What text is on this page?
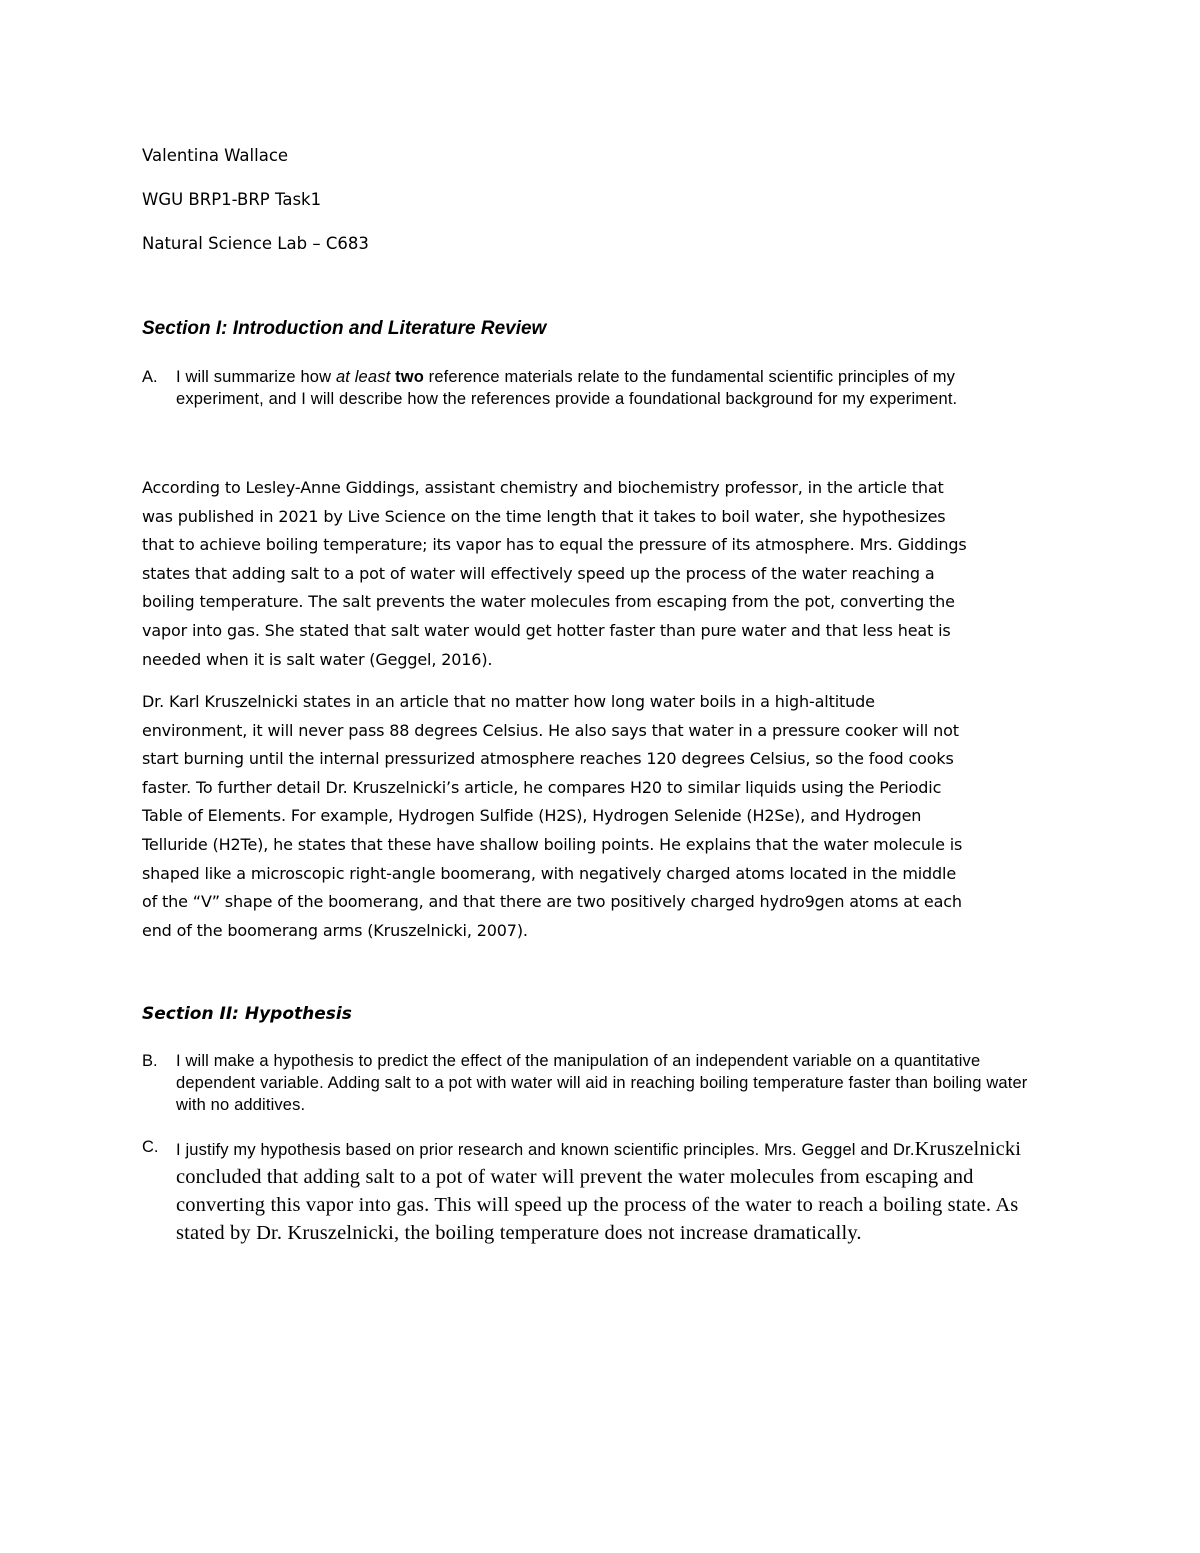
Valentina Wallace

WGU BRP1-BRP Task1

Natural Science Lab – C683

Section I: Introduction and Literature Review
A.	I will summarize how at least two reference materials relate to the fundamental scientific principles of my experiment, and I will describe how the references provide a foundational background for my experiment.
According to Lesley-Anne Giddings, assistant chemistry and biochemistry professor, in the article that
was published in 2021 by Live Science on the time length that it takes to boil water, she hypothesizes
that to achieve boiling temperature; its vapor has to equal the pressure of its atmosphere. Mrs. Giddings
states that adding salt to a pot of water will effectively speed up the process of the water reaching a
boiling temperature. The salt prevents the water molecules from escaping from the pot, converting the
vapor into gas. She stated that salt water would get hotter faster than pure water and that less heat is
needed when it is salt water (Geggel, 2016).
Dr. Karl Kruszelnicki states in an article that no matter how long water boils in a high-altitude
environment, it will never pass 88 degrees Celsius. He also says that water in a pressure cooker will not
start burning until the internal pressurized atmosphere reaches 120 degrees Celsius, so the food cooks
faster. To further detail Dr. Kruszelnicki’s article, he compares H20 to similar liquids using the Periodic
Table of Elements. For example, Hydrogen Sulfide (H2S), Hydrogen Selenide (H2Se), and Hydrogen
Telluride (H2Te), he states that these have shallow boiling points. He explains that the water molecule is
shaped like a microscopic right-angle boomerang, with negatively charged atoms located in the middle
of the “V” shape of the boomerang, and that there are two positively charged hydro9gen atoms at each
end of the boomerang arms (Kruszelnicki, 2007).
Section II: Hypothesis
B.	I will make a hypothesis to predict the effect of the manipulation of an independent variable on a quantitative dependent variable. Adding salt to a pot with water will aid in reaching boiling temperature faster than boiling water with no additives.
C.	I justify my hypothesis based on prior research and known scientific principles. Mrs. Geggel and Dr.Kruszelnicki concluded that adding salt to a pot of water will prevent the water molecules from escaping and converting this vapor into gas. This will speed up the process of the water to reach a boiling state. As stated by Dr. Kruszelnicki, the boiling temperature does not increase dramatically.
